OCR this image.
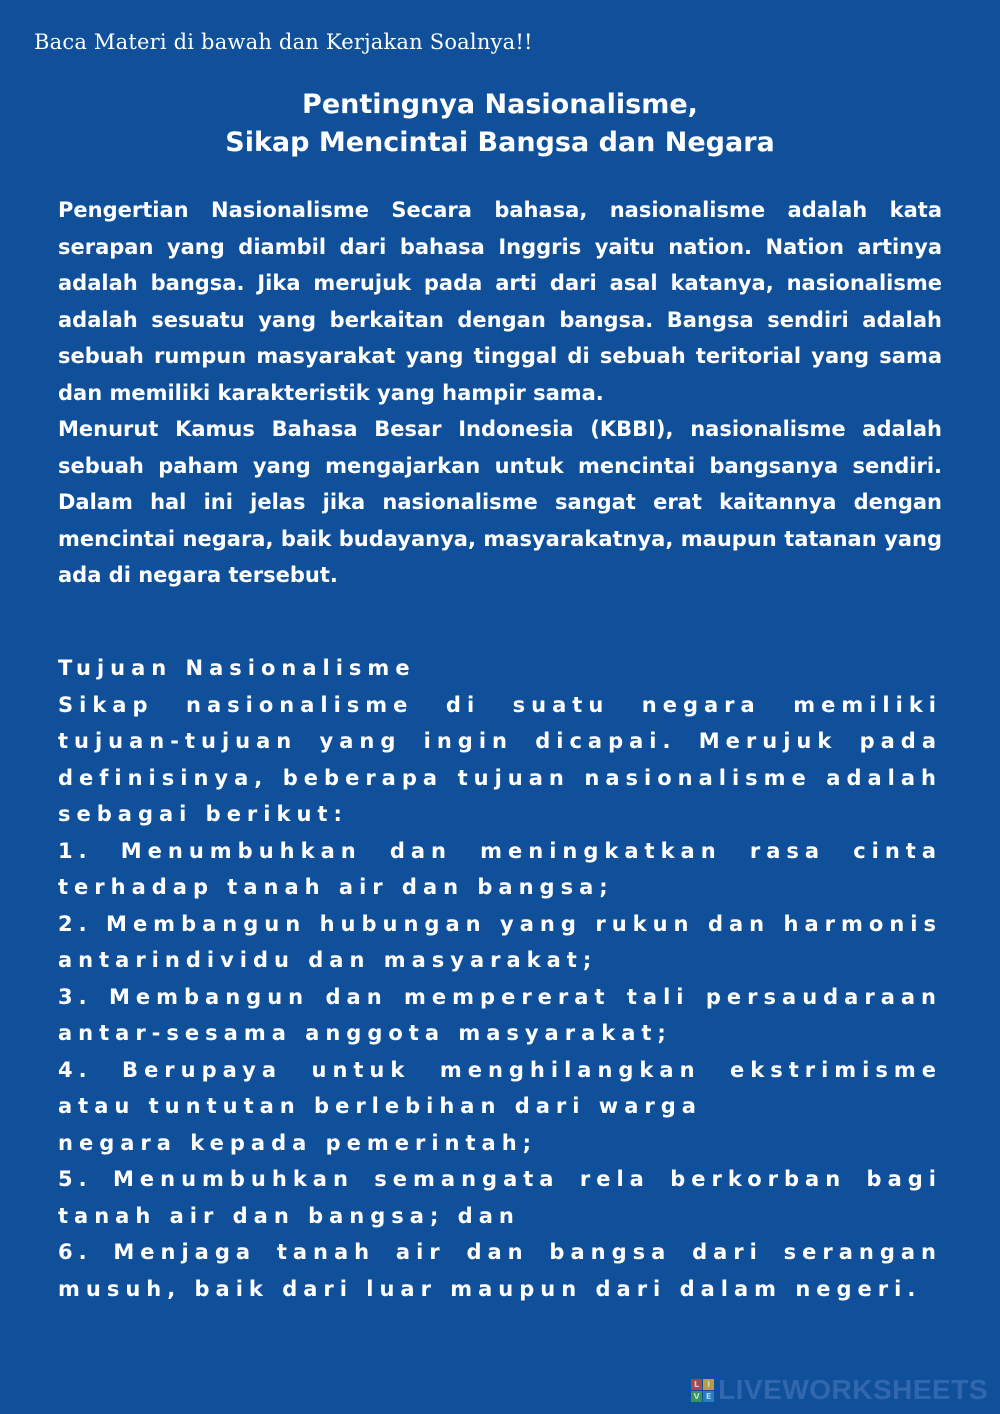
Baca Materi di bawah dan Kerjakan Soalnya!!

Pentingnya Nasionalisme,
Sikap Mencintai Bangsa dan Negara

Pengertian Nasionalisme Secara bahasa, nasionalisme adalah kata serapan yang diambil dari bahasa Inggris yaitu nation. Nation artinya adalah bangsa. Jika merujuk pada arti dari asal katanya, nasionalisme adalah sesuatu yang berkaitan dengan bangsa. Bangsa sendiri adalah sebuah rumpun masyarakat yang tinggal di sebuah teritorial yang sama dan memiliki karakteristik yang hampir sama.

Menurut Kamus Bahasa Besar Indonesia (KBBI), nasionalisme adalah sebuah paham yang mengajarkan untuk mencintai bangsanya sendiri. Dalam hal ini jelas jika nasionalisme sangat erat kaitannya dengan mencintai negara, baik budayanya, masyarakatnya, maupun tatanan yang ada di negara tersebut.

Tujuan Nasionalisme

Sikap nasionalisme di suatu negara memiliki tujuan-tujuan yang ingin dicapai. Merujuk pada definisinya, beberapa tujuan nasionalisme adalah sebagai berikut:

1. Menumbuhkan dan meningkatkan rasa cinta terhadap tanah air dan bangsa;
2. Membangun hubungan yang rukun dan harmonis antarindividu dan masyarakat;
3. Membangun dan mempererat tali persaudaraan antar-sesama anggota masyarakat;
4. Berupaya untuk menghilangkan ekstrimisme atau tuntutan berlebihan dari warga
negara kepada pemerintah;
5. Menumbuhkan semangata rela berkorban bagi tanah air dan bangsa; dan
6. Menjaga tanah air dan bangsa dari serangan musuh, baik dari luar maupun dari dalam negeri.
L I
V E LIVEWORKSHEETS
